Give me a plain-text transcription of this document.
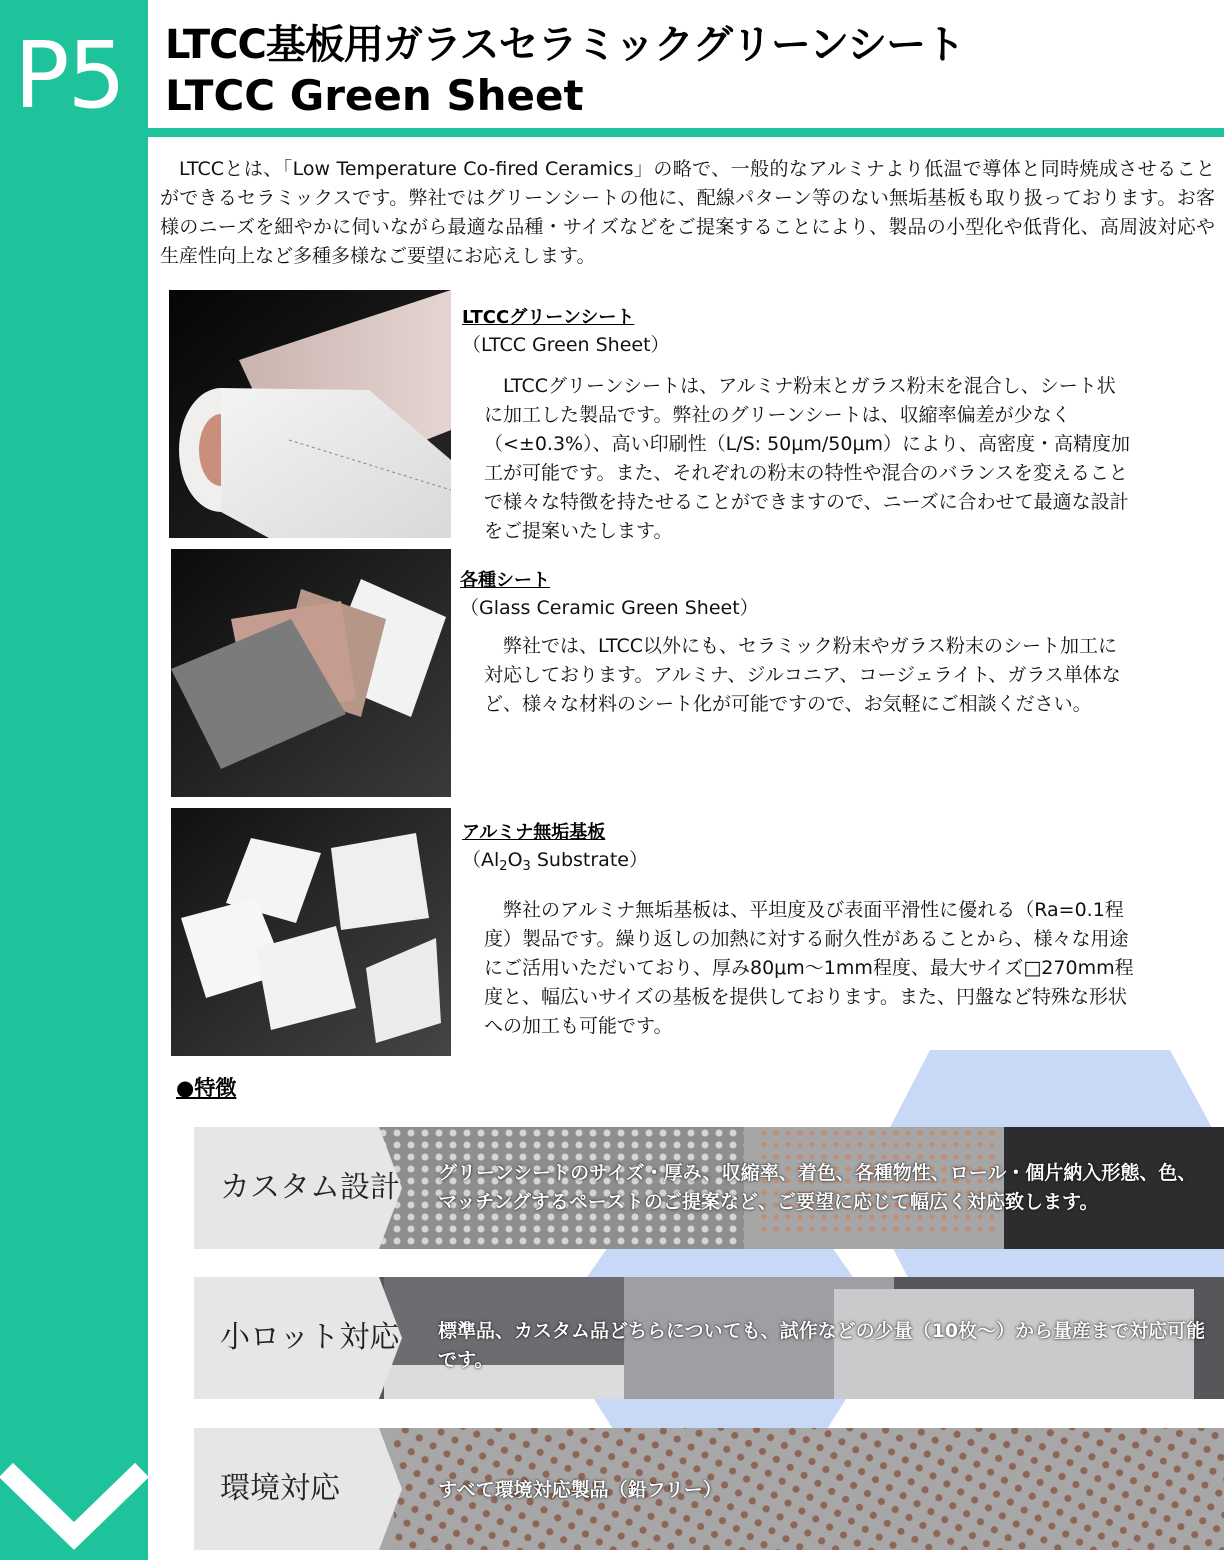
P5	LTCC基板用ガラスセラミックグリーンシート
LTCC Green Sheet
LTCCとは、「Low Temperature Co-fired Ceramics」の略で、一般的なアルミナより低温で導体と同時焼成させることができるセラミックスです。弊社ではグリーンシートの他に、配線パターン等のない無垢基板も取り扱っております。お客様のニーズを細やかに伺いながら最適な品種・サイズなどをご提案することにより、製品の小型化や低背化、高周波対応や生産性向上など多種多様なご要望にお応えします。
LTCCグリーンシート
（LTCC Green Sheet）
LTCCグリーンシートは、アルミナ粉末とガラス粉末を混合し、シート状に加工した製品です。弊社のグリーンシートは、収縮率偏差が少なく（<±0.3%）、高い印刷性（L/S: 50μm/50μm）により、高密度・高精度加工が可能です。また、それぞれの粉末の特性や混合のバランスを変えることで様々な特徴を持たせることができますので、ニーズに合わせて最適な設計をご提案いたします。
各種シート
（Glass Ceramic Green Sheet）
弊社では、LTCC以外にも、セラミック粉末やガラス粉末のシート加工に対応しております。アルミナ、ジルコニア、コージェライト、ガラス単体など、様々な材料のシート化が可能ですので、お気軽にご相談ください。
アルミナ無垢基板
（$Al_2O_3$ Substrate）
弊社のアルミナ無垢基板は、平坦度及び表面平滑性に優れる（Ra=0.1程度）製品です。繰り返しの加熱に対する耐久性があることから、様々な用途にご活用いただいており、厚み80μm～1mm程度、最大サイズ□270mm程度と、幅広いサイズの基板を提供しております。また、円盤など特殊な形状への加工も可能です。
●特徴
カスタム設計 グリーンシートのサイズ・厚み、収縮率、着色、各種物性、ロール・個片納入形態、色、マッチングするペーストのご提案など、ご要望に応じて幅広く対応致します。
小ロット対応 標準品、カスタム品どちらについても、試作などの少量（10枚～）から量産まで対応可能です。
環境対応	すべて環境対応製品（鉛フリー）
